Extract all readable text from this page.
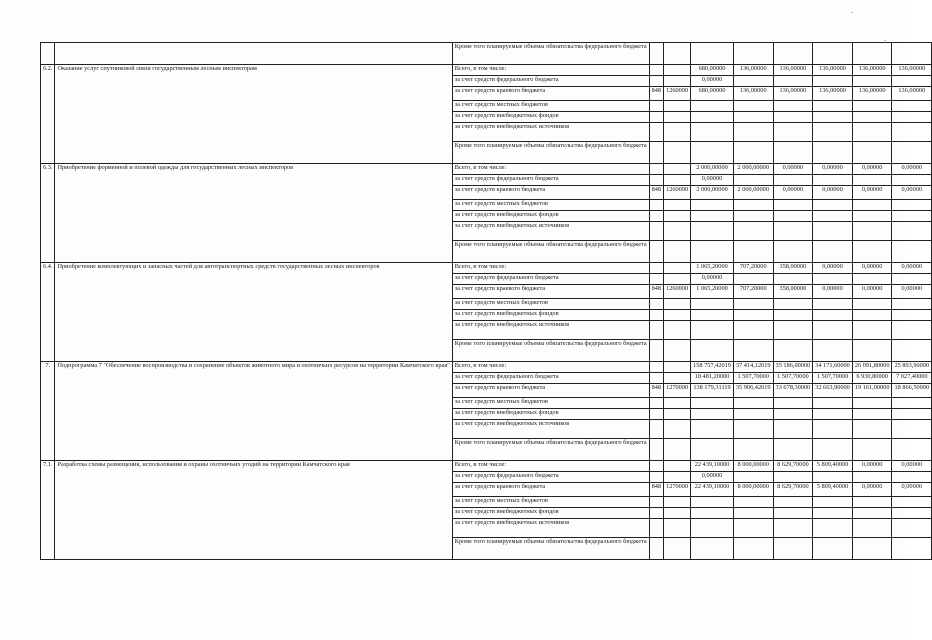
		Кроме того планируемые объемы обязательства федерального бюджета								
6.2.	Оказание услуг спутниковой связи государственным лесным инспекторам	Всего, в том числе:			680,00000	136,00000	136,00000	136,00000	136,00000	136,00000
		за счет средств федерального бюджета			0,00000					
		за счет средств краевого бюджета	848	1260000	680,00000	136,00000	136,00000	136,00000	136,00000	136,00000
		за счет средств местных бюджетов								
		за счет средств внебюджетных фондов								
		за счет средств внебюджетных источников								
		Кроме того планируемые объемы обязательства федерального бюджета								
6.3.	Приобретение форменной и полевой одежды для государственных лесных инспекторов	Всего, в том числе:			2 000,00000	2 000,00000	0,00000	0,00000	0,00000	0,00000
		за счет средств федерального бюджета			0,00000					
		за счет средств краевого бюджета	848	1260000	2 000,00000	2 000,00000	0,00000	0,00000	0,00000	0,00000
		за счет средств местных бюджетов								
		за счет средств внебюджетных фондов								
		за счет средств внебюджетных источников								
		Кроме того планируемые объемы обязательства федерального бюджета								
6.4.	Приобретение комплектующих и запасных частей для автотранспортных средств государственных лесных инспекторов	Всего, в том числе:			1 065,20000	707,20000	358,00000	0,00000	0,00000	0,00000
		за счет средств федерального бюджета			0,00000					
		за счет средств краевого бюджета	848	1260000	1 065,20000	707,20000	358,00000	0,00000	0,00000	0,00000
		за счет средств местных бюджетов								
		за счет средств внебюджетных фондов								
		за счет средств внебюджетных источников								
		Кроме того планируемые объемы обязательства федерального бюджета								
7.	Подпрограмма 7 "Обеспечение воспроизводства и сохранение объектов животного мира и охотничьих ресурсов на территории Камчатского края"	Всего, в том числе:			158 757,42019	37 414,12019	35 186,00000	34 171,60000	26 091,80000	25 893,90000
		за счет средств федерального бюджета			18 481,20000	1 507,70000	1 507,70000	1 507,70000	6 930,80000	7 027,40000
		за счет средств краевого бюджета	848	1270000	138 179,31119	35 906,42019	33 678,30000	32 663,90000	19 161,00000	18 866,50000
		за счет средств местных бюджетов								
		за счет средств внебюджетных фондов								
		за счет средств внебюджетных источников								
		Кроме того планируемые объемы обязательства федерального бюджета								
7.1.	Разработка схемы размещения, использования и охраны охотничьих угодий на территории Камчатского края	Всего, в том числе:			22 439,10000	8 000,00000	8 629,70000	5 809,40000	0,00000	0,00000
		за счет средств федерального бюджета			0,00000					
		за счет средств краевого бюджета	848	1270000	22 439,10000	8 000,00000	8 629,70000	5 809,40000	0,00000	0,00000
		за счет средств местных бюджетов								
		за счет средств внебюджетных фондов								
		за счет средств внебюджетных источников								
		Кроме того планируемые объемы обязательства федерального бюджета								
